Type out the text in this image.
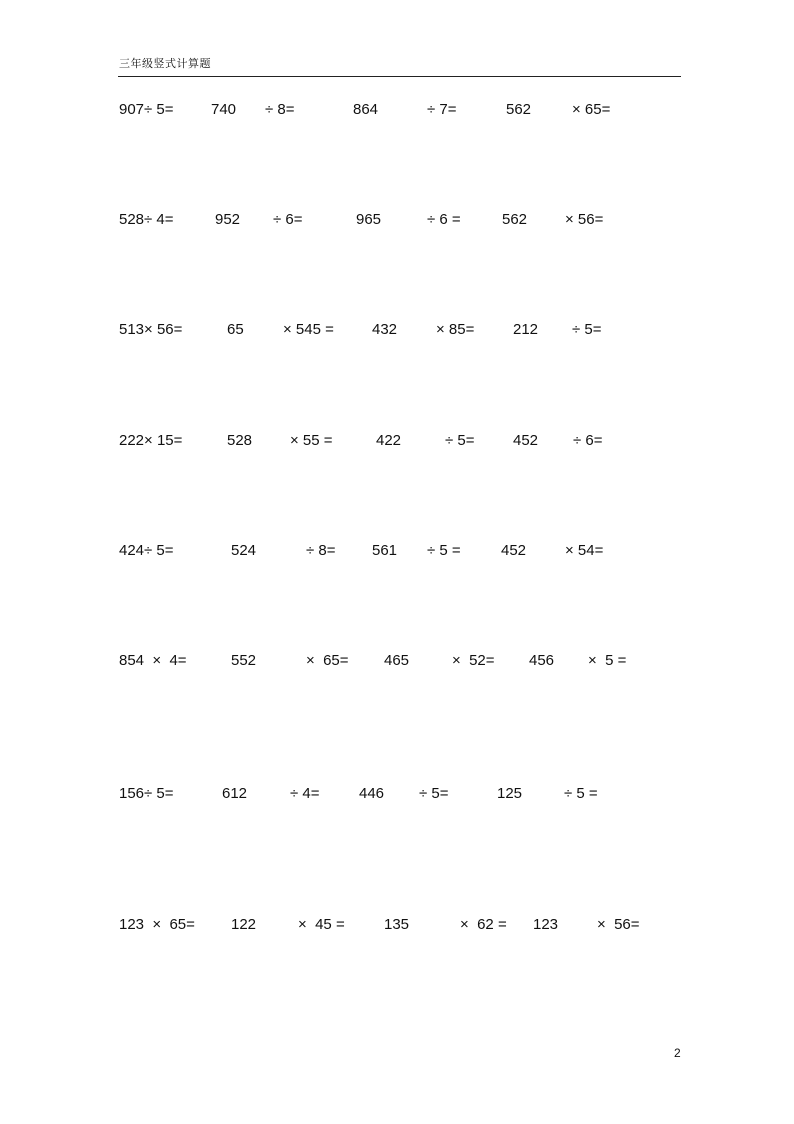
三年级竖式计算题
907÷ 5= 740 ÷ 8=	864	÷ 7=	562	× 65=
528÷ 4=	952 ÷ 6=	965	÷ 6 =	562	× 56=
513× 56=	65	× 545 =	432	× 85=	212 ÷ 5=
222× 15=	528	× 55 =	422	÷ 5=	452 ÷ 6=
424÷ 5=	524	÷ 8= 561 ÷ 5 =	452	× 54=
854  ×  4=	552	×  65= 465	×  52= 456 ×  5 =
156÷ 5=	612	÷ 4=	446 ÷ 5=	125	÷ 5 =
123  ×  65= 122	×  45 =	135	×  62 = 123	×  56=
2
